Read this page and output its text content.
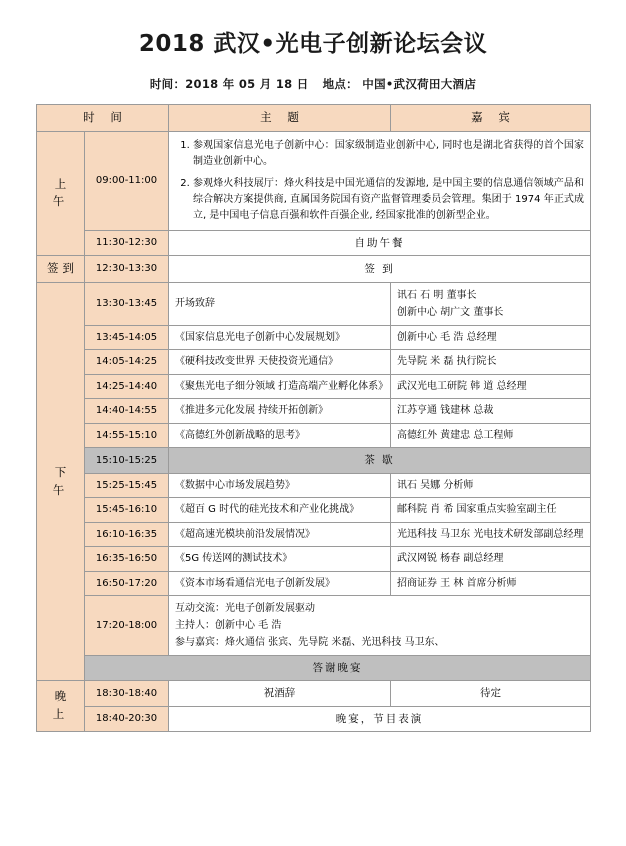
2018 武汉•光电子创新论坛会议
时间：2018 年 05 月 18 日 地点： 中国•武汉荷田大酒店
时 间		主 题	嘉 宾
上 午	09:00-11:00	
1. 参观国家信息光电子创新中心：国家级制造业创新中心, 同时也是湖北省获得的首个国家制造业创新中心。
2. 参观烽火科技展厅：烽火科技是中国光通信的发源地, 是中国主要的信息通信领域产品和综合解决方案提供商, 直属国务院国有资产监督管理委员会管理。集团于 1974 年正式成立, 是中国电子信息百强和软件百强企业, 经国家批准的创新型企业。

	11:30-12:30	自助午餐	
签到	12:30-13:30	签 到	
下 午	13:30-13:45	开场致辞	讯石 石 明 董事长
创新中心 胡广文 董事长

	13:45-14:05	《国家信息光电子创新中心发展规划》	创新中心 毛 浩 总经理
	14:05-14:25	《硬科技改变世界 天使投资光通信》	先导院 米 磊 执行院长
	14:25-14:40	《聚焦光电子细分领域 打造高端产业孵化体系》	武汉光电工研院 韩 道 总经理
	14:40-14:55	《推进多元化发展 持续开拓创新》	江苏亨通 钱建林 总裁
	14:55-15:10	《高德红外创新战略的思考》	高德红外 黄建忠 总工程师
	15:10-15:25	茶 歇	
	15:25-15:45	《数据中心市场发展趋势》	讯石 吴娜 分析师
	15:45-16:10	《超百 G 时代的硅光技术和产业化挑战》	邮科院 肖 希 国家重点实验室副主任
	16:10-16:35	《超高速光模块前沿发展情况》	光迅科技 马卫东 光电技术研发部副总经理
	16:35-16:50	《5G 传送网的测试技术》	武汉网锐 杨春 副总经理
	16:50-17:20	《资本市场看通信光电子创新发展》	招商证券 王 林 首席分析师
	17:20-18:00	互动交流：光电子创新发展驱动
主持人：创新中心 毛 浩
参与嘉宾：烽火通信 张宾、先导院 米磊、光迅科技 马卫东、	

	答谢晚宴		
晚 上	18:30-18:40	祝酒辞	待定
	18:40-20:30	晚宴，节目表演	
